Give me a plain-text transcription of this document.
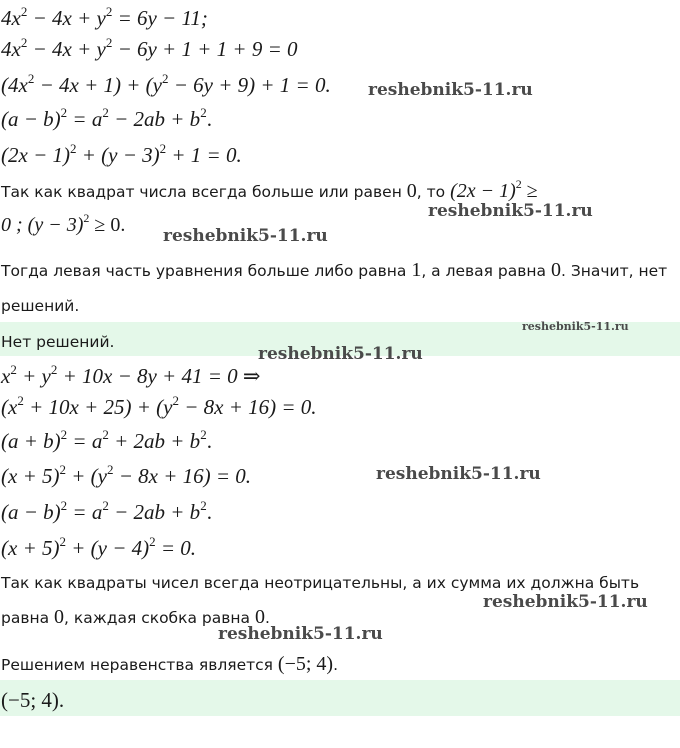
$4x^2 - 4x + y^2 = 6y - 11$;
$4x^2 - 4x + y^2 - 6y + 1 + 1 + 9 = 0$
$(4x^2 - 4x + 1) + (y^2 - 6y + 9) + 1 = 0$.
$(a - b)^2 = a^2 - 2ab + b^2$.
$(2x - 1)^2 + (y - 3)^2 + 1 = 0$.
Так как квадрат числа всегда больше или равен 0, то $(2x - 1)^2$ ≥
0 ; $(y - 3)^2 \ge 0$.
Тогда левая часть уравнения больше либо равна 1, а левая равна 0. Значит, нет
решений.
Нет решений.
$x^2 + y^2 + 10x - 8y + 41 = 0$ ⇒
$(x^2 + 10x + 25) + (y^2 - 8x + 16) = 0$.
$(a + b)^2 = a^2 + 2ab + b^2$.
$(x + 5)^2 + (y^2 - 8x + 16) = 0$.
$(a - b)^2 = a^2 - 2ab + b^2$.
$(x + 5)^2 + (y - 4)^2 = 0$.
Так как квадраты чисел всегда неотрицательны, а их сумма их должна быть
равна 0, каждая скобка равна 0.
Решением неравенства является (−5; 4).
(−5; 4).
reshebnik5-11.ru
reshebnik5-11.ru
reshebnik5-11.ru
reshebnik5-11.ru
reshebnik5-11.ru
reshebnik5-11.ru
reshebnik5-11.ru
reshebnik5-11.ru
